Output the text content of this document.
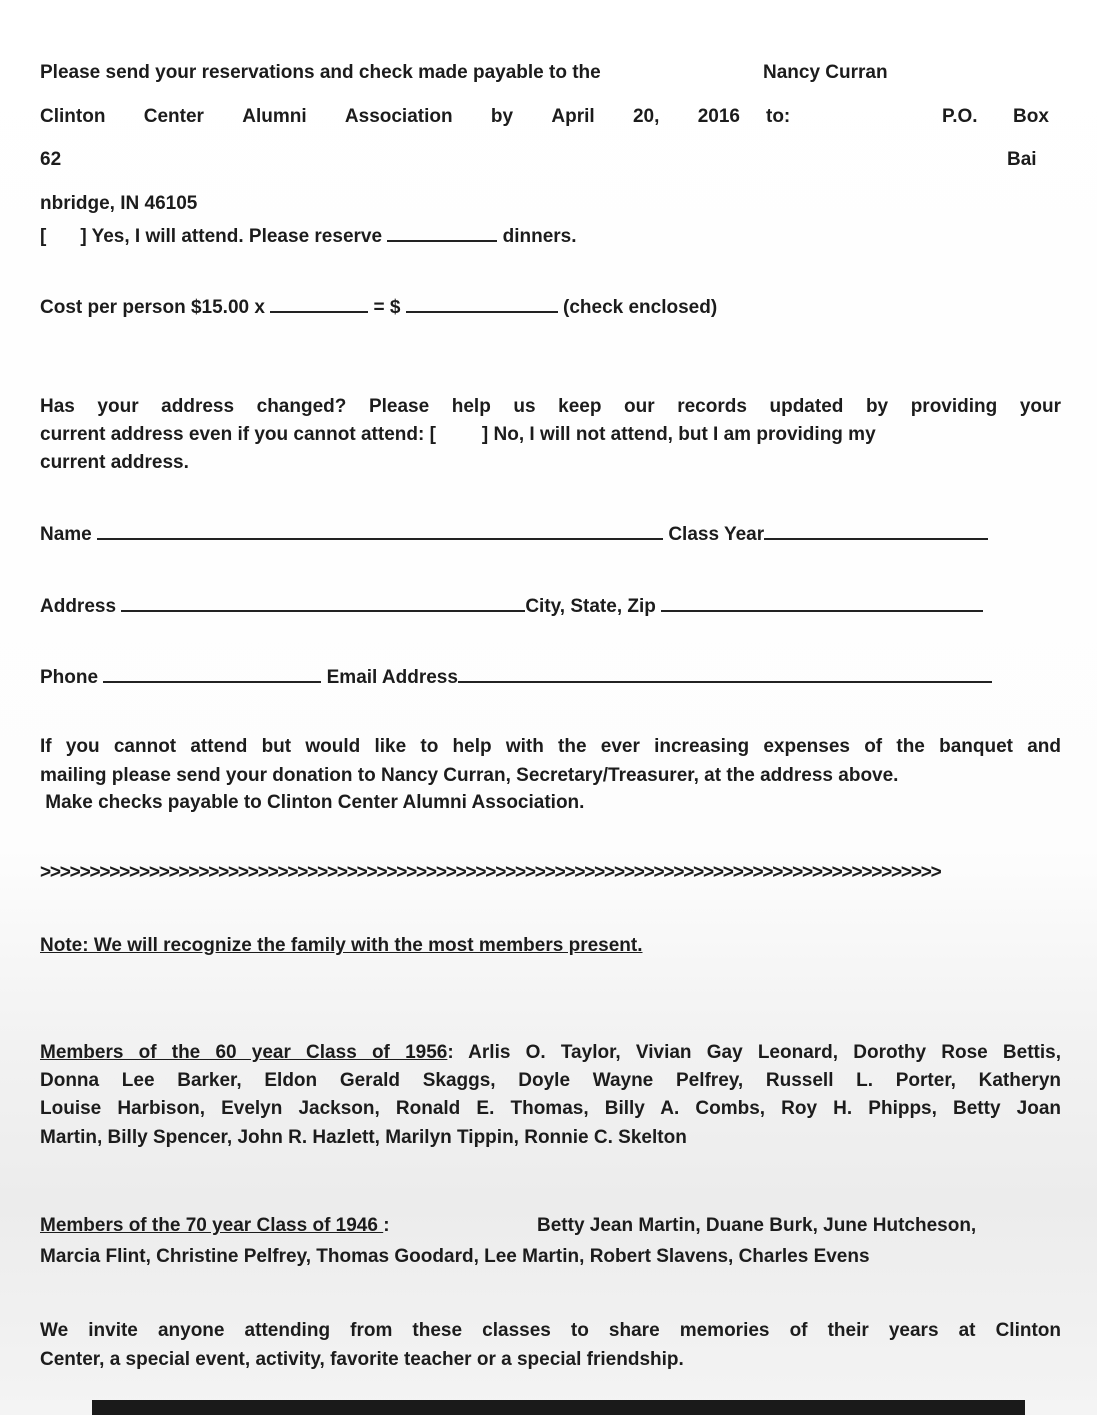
Please send your reservations and check made payable to the	Nancy Curran
Clinton Center Alumni Association by April 20, 2016 to:	P.O. Box
62	Bai
nbridge, IN 46105
[ ] Yes, I will attend. Please reserve	dinners.
Cost per person $15.00 x	= $	(check enclosed)
Has your address changed? Please help us keep our records updated by providing your
current address even if you cannot attend: [ ] No, I will not attend, but I am providing my
current address.
Name	Class Year
Address	City, State, Zip
Phone	Email Address
If you cannot attend but would like to help with the ever increasing expenses of the banquet and
mailing please send your donation to Nancy Curran, Secretary/Treasurer, at the address above.
Make checks payable to Clinton Center Alumni Association.
>>>>>>>>>>>>>>>>>>>>>>>>>>>>>>>>>>>>>>>>>>>>>>>>>>>>>>>>>>>>>>>>>>>>>>>>>>>>>>>>>>>>>>>>>>>
Note: We will recognize the family with the most members present.
Members of the 60 year Class of 1956: Arlis O. Taylor, Vivian Gay Leonard, Dorothy Rose Bettis,
Donna Lee Barker, Eldon Gerald Skaggs, Doyle Wayne Pelfrey, Russell L. Porter, Katheryn
Louise Harbison, Evelyn Jackson, Ronald E. Thomas, Billy A. Combs, Roy H. Phipps, Betty Joan
Martin, Billy Spencer, John R. Hazlett, Marilyn Tippin, Ronnie C. Skelton
Members of the 70 year Class of 1946 :	Betty Jean Martin, Duane Burk, June Hutcheson,
Marcia Flint, Christine Pelfrey, Thomas Goodard, Lee Martin, Robert Slavens, Charles Evens
We invite anyone attending from these classes to share memories of their years at Clinton
Center, a special event, activity, favorite teacher or a special friendship.
